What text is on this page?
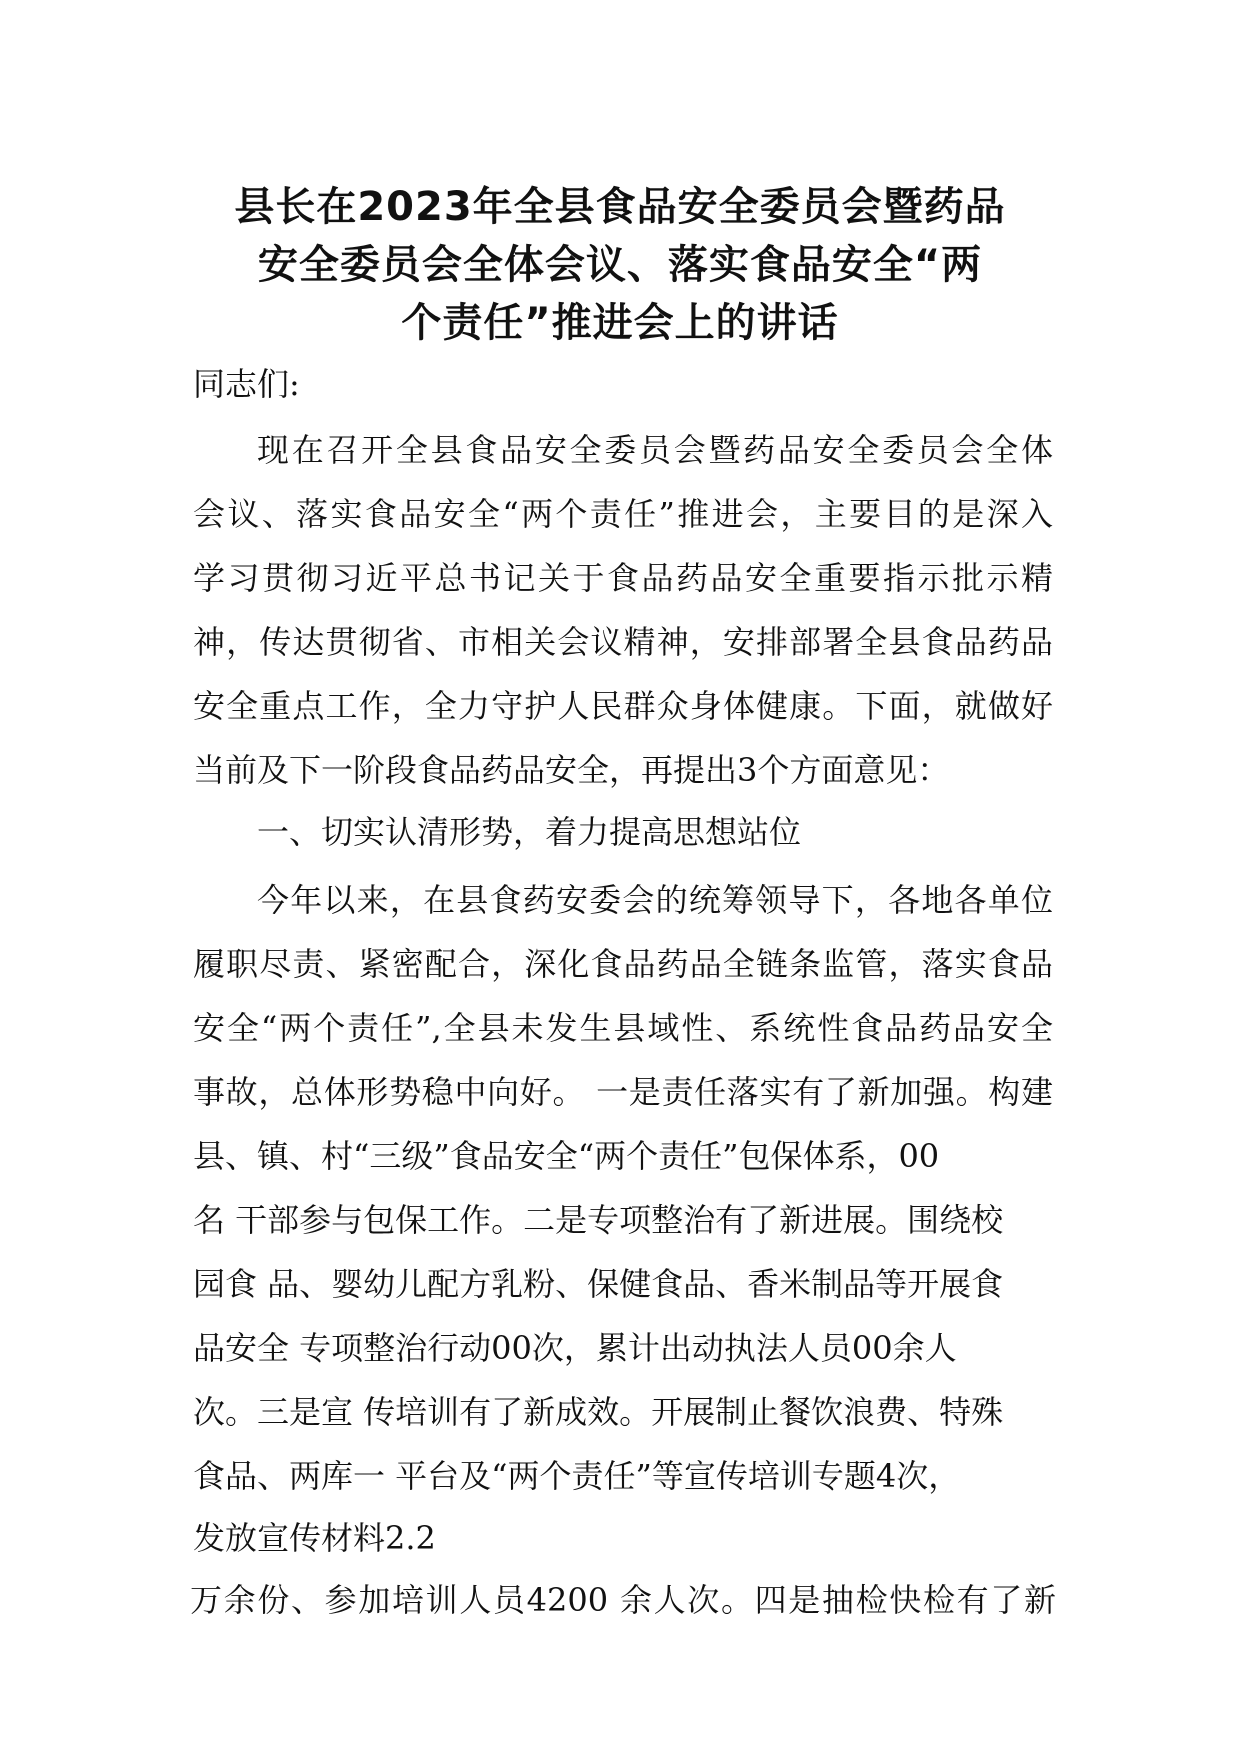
县长在2023年全县食品安全委员会暨药品
安全委员会全体会议、落实食品安全“两
个责任”推进会上的讲话

同志们:

现在召开全县食品安全委员会暨药品安全委员会全体

会议、落实食品安全“两个责任”推进会，主要目的是深入

学习贯彻习近平总书记关于食品药品安全重要指示批示精

神，传达贯彻省、市相关会议精神，安排部署全县食品药品

安全重点工作，全力守护人民群众身体健康。下面，就做好

当前及下一阶段食品药品安全，再提出3个方面意见：

一、切实认清形势，着力提高思想站位

今年以来，在县食药安委会的统筹领导下，各地各单位

履职尽责、紧密配合，深化食品药品全链条监管，落实食品

安全“两个责任”,全县未发生县域性、系统性食品药品安全

事故，总体形势稳中向好。 一是责任落实有了新加强。构建

县、镇、村“三级”食品安全“两个责任”包保体系，00

名 干部参与包保工作。二是专项整治有了新进展。围绕校

园食 品、婴幼儿配方乳粉、保健食品、香米制品等开展食

品安全 专项整治行动00次，累计出动执法人员00余人

次。三是宣 传培训有了新成效。开展制止餐饮浪费、特殊

食品、两库一 平台及“两个责任”等宣传培训专题4次，

发放宣传材料2.2

万余份、参加培训人员4200 余人次。四是抽检快检有了新
